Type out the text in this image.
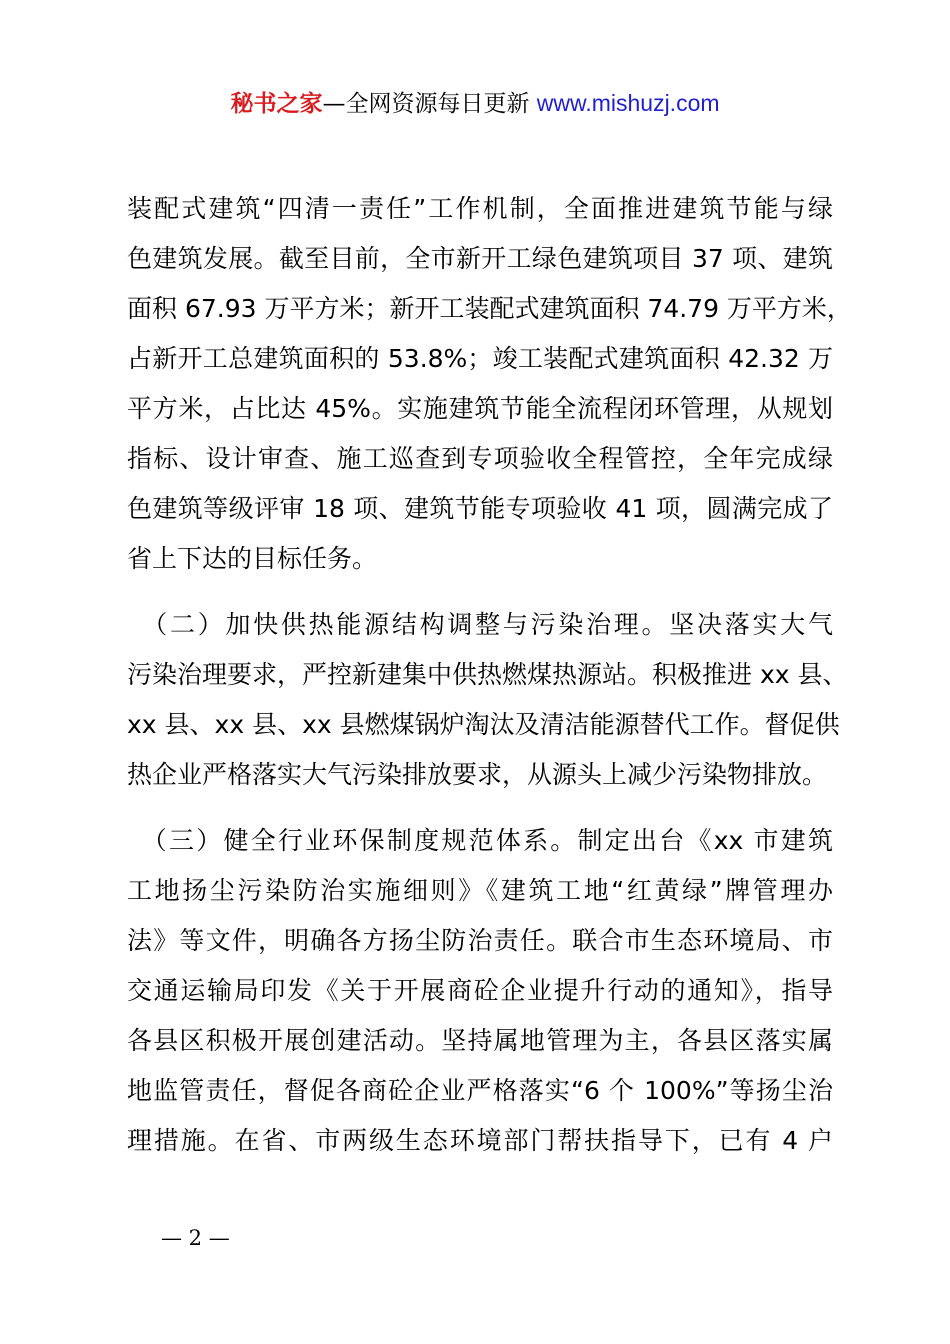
秘书之家—全网资源每日更新 www.mishuzj.com
装配式建筑“四清一责任”工作机制，全面推进建筑节能与绿
色建筑发展。截至目前，全市新开工绿色建筑项目 37 项、建筑
面积 67.93 万平方米；新开工装配式建筑面积 74.79 万平方米，
占新开工总建筑面积的 53.8%；竣工装配式建筑面积 42.32 万
平方米，占比达 45%。实施建筑节能全流程闭环管理，从规划
指标、设计审查、施工巡查到专项验收全程管控，全年完成绿
色建筑等级评审 18 项、建筑节能专项验收 41 项，圆满完成了
省上下达的目标任务。
　（二）加快供热能源结构调整与污染治理。坚决落实大气
污染治理要求，严控新建集中供热燃煤热源站。积极推进 xx 县、
xx 县、xx 县、xx 县燃煤锅炉淘汰及清洁能源替代工作。督促供
热企业严格落实大气污染排放要求，从源头上减少污染物排放。
　（三）健全行业环保制度规范体系。制定出台《xx 市建筑
工地扬尘污染防治实施细则》《建筑工地“红黄绿”牌管理办
法》等文件，明确各方扬尘防治责任。联合市生态环境局、市
交通运输局印发《关于开展商砼企业提升行动的通知》，指导
各县区积极开展创建活动。坚持属地管理为主，各县区落实属
地监管责任，督促各商砼企业严格落实“6 个 100%”等扬尘治
理措施。在省、市两级生态环境部门帮扶指导下，已有 4 户
— 2 —
